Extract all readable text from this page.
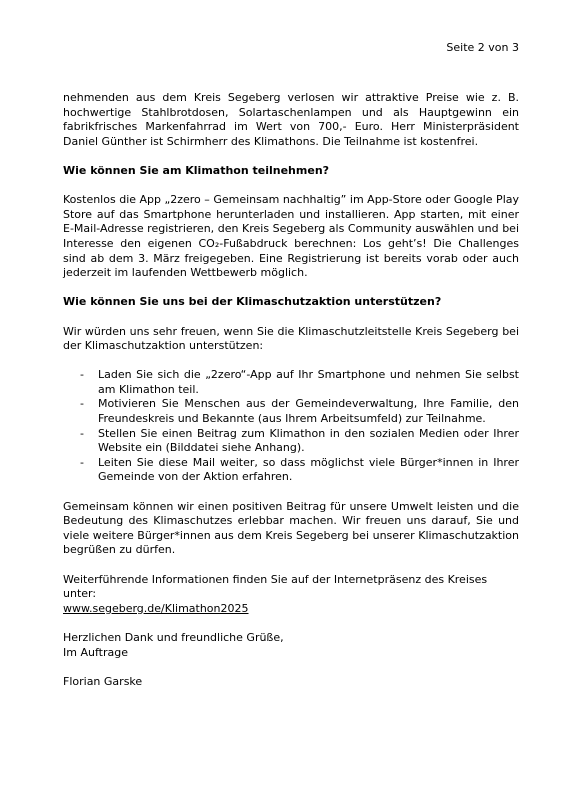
Seite 2 von 3

nehmenden aus dem Kreis Segeberg verlosen wir attraktive Preise wie z. B. hochwertige Stahlbrotdosen, Solartaschenlampen und als Hauptgewinn ein fabrikfrisches Markenfahrrad im Wert von 700,- Euro. Herr Ministerpräsident Daniel Günther ist Schirmherr des Klimathons. Die Teilnahme ist kostenfrei.

Wie können Sie am Klimathon teilnehmen?

Kostenlos die App „2zero – Gemeinsam nachhaltig” im App-Store oder Google Play Store auf das Smartphone herunterladen und installieren. App starten, mit einer E-Mail-Adresse registrieren, den Kreis Segeberg als Community auswählen und bei Interesse den eigenen CO₂-Fußabdruck berechnen: Los geht’s! Die Challenges sind ab dem 3. März freigegeben. Eine Registrierung ist bereits vorab oder auch jederzeit im laufenden Wettbewerb möglich.

Wie können Sie uns bei der Klimaschutzaktion unterstützen?

Wir würden uns sehr freuen, wenn Sie die Klimaschutzleitstelle Kreis Segeberg bei der Klimaschutzaktion unterstützen:

- Laden Sie sich die „2zero“-App auf Ihr Smartphone und nehmen Sie selbst am Klimathon teil.
- Motivieren Sie Menschen aus der Gemeindeverwaltung, Ihre Familie, den Freundeskreis und Bekannte (aus Ihrem Arbeitsumfeld) zur Teilnahme.
- Stellen Sie einen Beitrag zum Klimathon in den sozialen Medien oder Ihrer Website ein (Bilddatei siehe Anhang).
- Leiten Sie diese Mail weiter, so dass möglichst viele Bürger*innen in Ihrer Gemeinde von der Aktion erfahren.

Gemeinsam können wir einen positiven Beitrag für unsere Umwelt leisten und die Bedeutung des Klimaschutzes erlebbar machen. Wir freuen uns darauf, Sie und viele weitere Bürger*innen aus dem Kreis Segeberg bei unserer Klimaschutzaktion begrüßen zu dürfen.

Weiterführende Informationen finden Sie auf der Internetpräsenz des Kreises unter:
www.segeberg.de/Klimathon2025

Herzlichen Dank und freundliche Grüße,
Im Auftrage

Florian Garske
